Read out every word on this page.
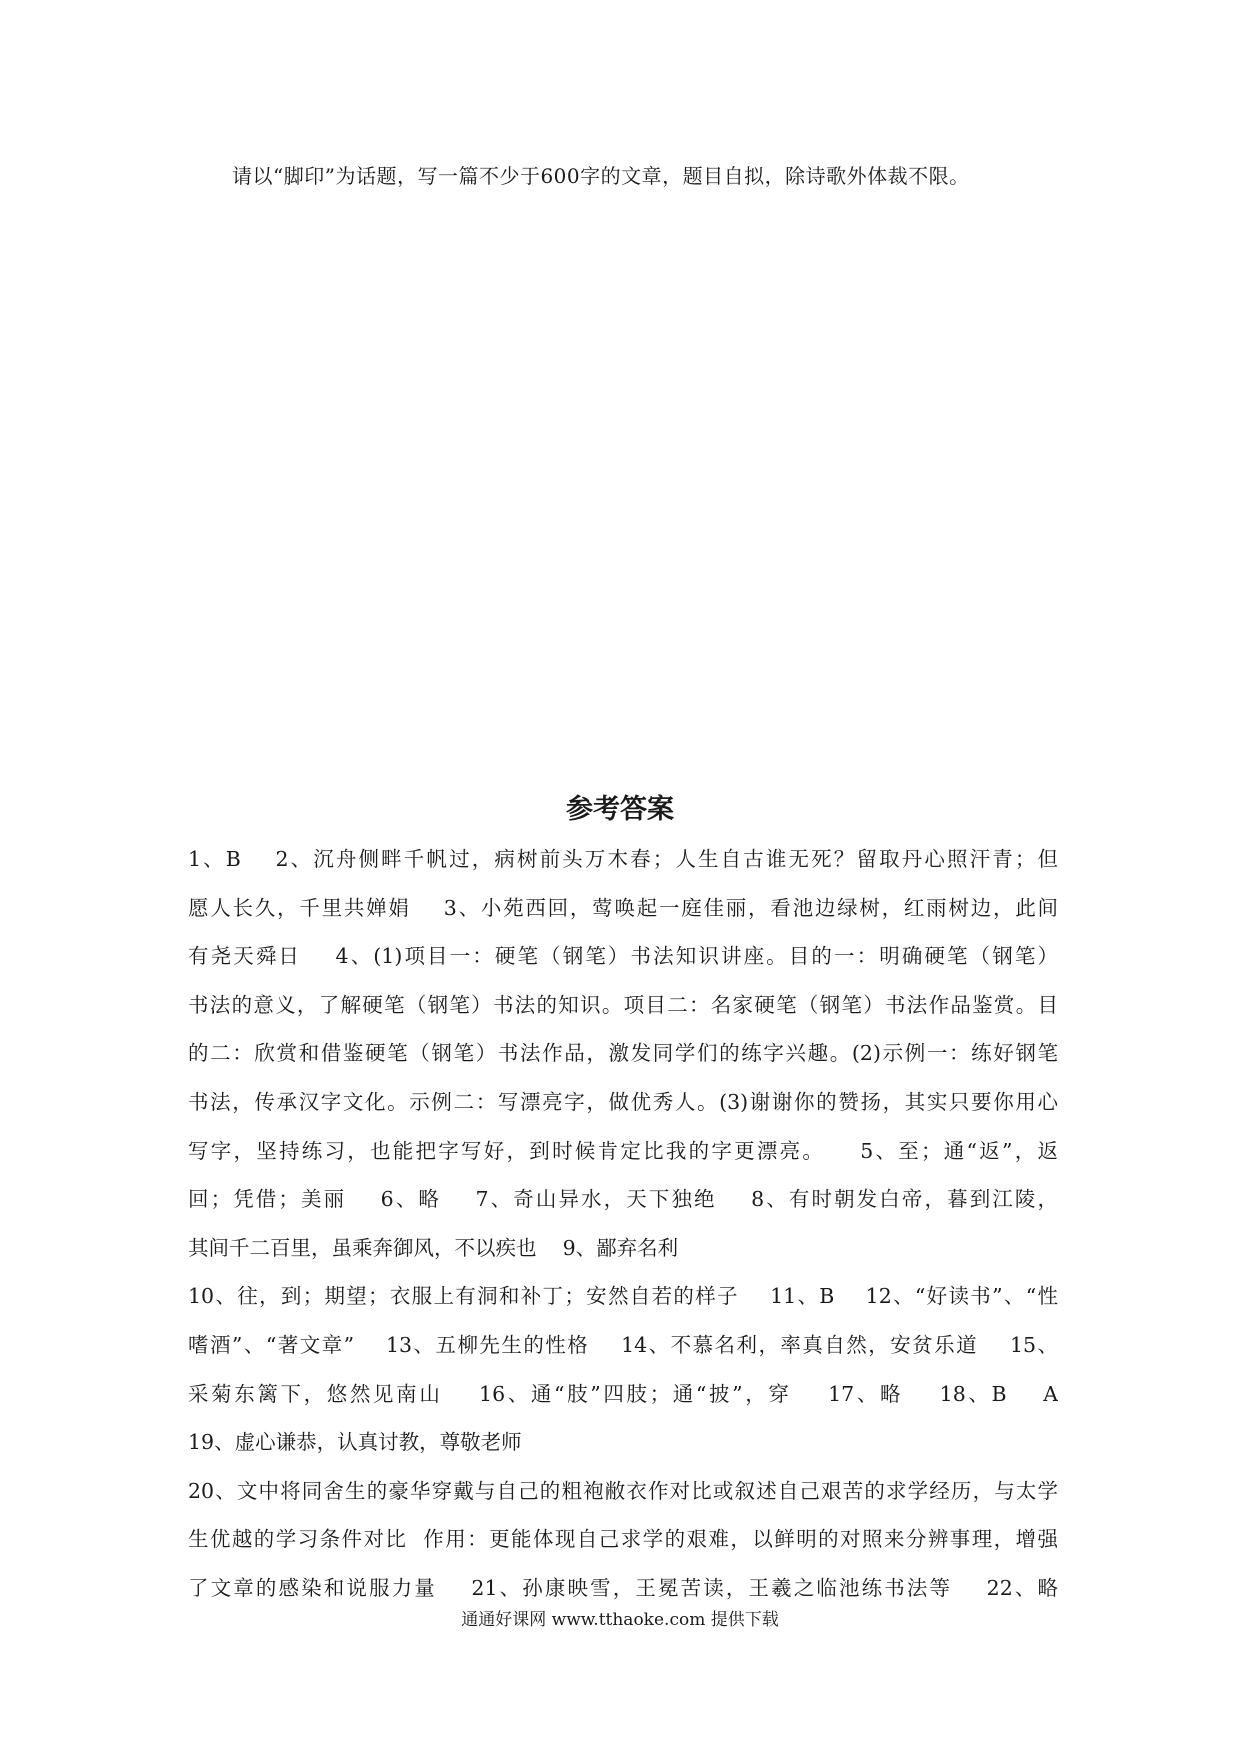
请以“脚印”为话题，写一篇不少于600字的文章，题目自拟，除诗歌外体裁不限。

参考答案
1、B    2、沉舟侧畔千帆过，病树前头万木春；人生自古谁无死？留取丹心照汗青；但
愿人长久，千里共婵娟    3、小苑西回，莺唤起一庭佳丽，看池边绿树，红雨树边，此间
有尧天舜日    4、(1)项目一：硬笔（钢笔）书法知识讲座。目的一：明确硬笔（钢笔）
书法的意义，了解硬笔（钢笔）书法的知识。项目二：名家硬笔（钢笔）书法作品鉴赏。目
的二：欣赏和借鉴硬笔（钢笔）书法作品，激发同学们的练字兴趣。(2)示例一：练好钢笔
书法，传承汉字文化。示例二：写漂亮字，做优秀人。(3)谢谢你的赞扬，其实只要你用心
写字，坚持练习，也能把字写好，到时候肯定比我的字更漂亮。    5、至；通“返”，返
回；凭借；美丽    6、略    7、奇山异水，天下独绝    8、有时朝发白帝，暮到江陵，
其间千二百里，虽乘奔御风，不以疾也    9、鄙弃名利
10、往，到；期望；衣服上有洞和补丁；安然自若的样子    11、B    12、“好读书”、“性
嗜酒”、“著文章”    13、五柳先生的性格    14、不慕名利，率真自然，安贫乐道    15、
采菊东篱下，悠然见南山    16、通“肢”四肢；通“披”，穿    17、略    18、B    A
19、虚心谦恭，认真讨教，尊敬老师
20、文中将同舍生的豪华穿戴与自己的粗袍敝衣作对比或叙述自己艰苦的求学经历，与太学
生优越的学习条件对比  作用：更能体现自己求学的艰难，以鲜明的对照来分辨事理，增强
了文章的感染和说服力量    21、孙康映雪，王冕苦读，王羲之临池练书法等    22、略

通通好课网 www.tthaoke.com 提供下载
